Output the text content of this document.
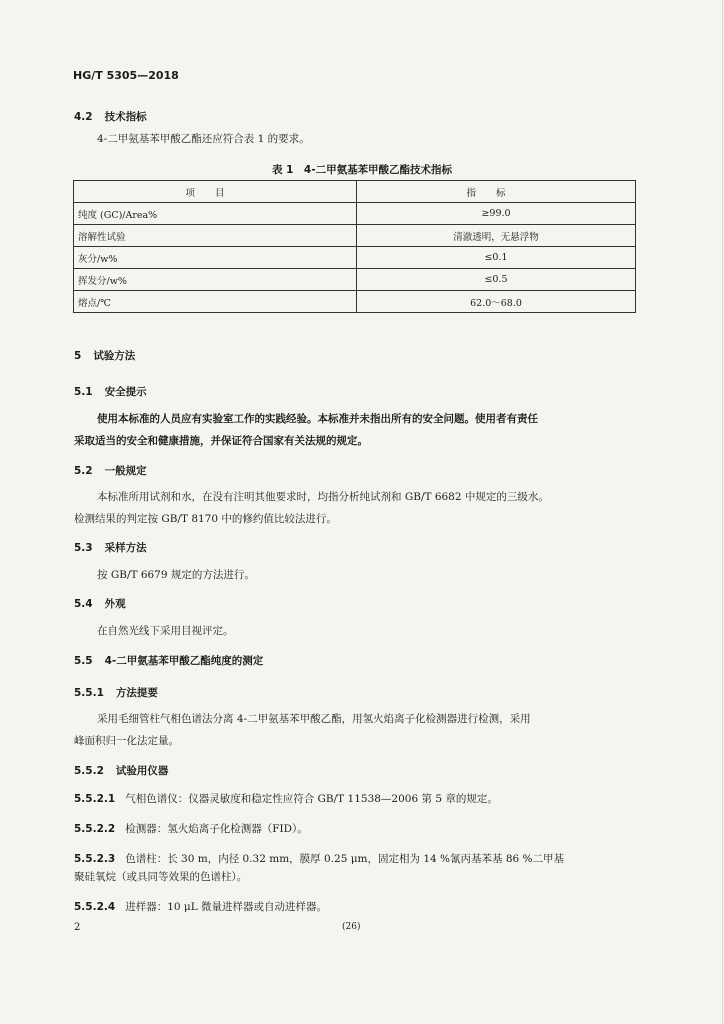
HG/T 5305—2018
4.2 技术指标
4-二甲氨基苯甲酸乙酯还应符合表 1 的要求。
表 1　4-二甲氨基苯甲酸乙酯技术指标
项目	指标
纯度 (GC)/Area%	≥99.0
溶解性试验	清澈透明，无悬浮物
灰分/w%	≤0.1
挥发分/w%	≤0.5
熔点/℃	62.0～68.0
5 试验方法
5.1 安全提示
使用本标准的人员应有实验室工作的实践经验。本标准并未指出所有的安全问题。使用者有责任
采取适当的安全和健康措施，并保证符合国家有关法规的规定。
5.2 一般规定
本标准所用试剂和水，在没有注明其他要求时，均指分析纯试剂和 GB/T 6682 中规定的三级水。
检测结果的判定按 GB/T 8170 中的修约值比较法进行。
5.3 采样方法
按 GB/T 6679 规定的方法进行。
5.4 外观
在自然光线下采用目视评定。
5.5 4-二甲氨基苯甲酸乙酯纯度的测定
5.5.1 方法提要
采用毛细管柱气相色谱法分离 4-二甲氨基苯甲酸乙酯，用氢火焰离子化检测器进行检测，采用
峰面积归一化法定量。
5.5.2 试验用仪器
5.5.2.1 气相色谱仪：仪器灵敏度和稳定性应符合 GB/T 11538—2006 第 5 章的规定。
5.5.2.2 检测器：氢火焰离子化检测器（FID）。
5.5.2.3 色谱柱：长 30 m，内径 0.32 mm，膜厚 0.25 μm，固定相为 14 %氰丙基苯基 86 %二甲基
聚硅氧烷（或具同等效果的色谱柱）。
5.5.2.4 进样器：10 μL 微量进样器或自动进样器。
2	(26)
